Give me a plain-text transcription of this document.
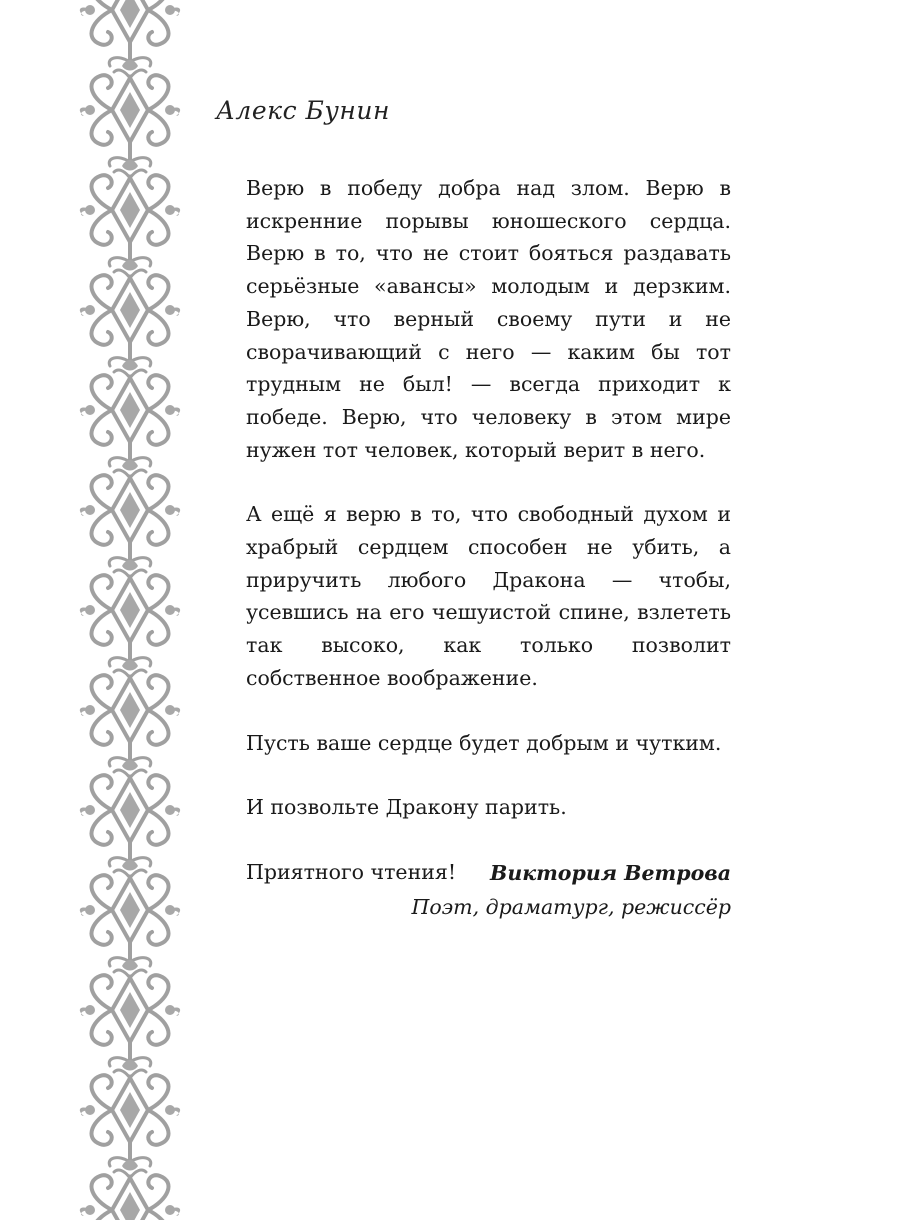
Алекс Бунин

Верю в победу добра над злом. Верю в искренние порывы юношеского сердца. Верю в то, что не стоит бояться раздавать серьёзные «авансы» молодым и дерзким. Верю, что верный своему пути и не сворачивающий с него — каким бы тот трудным не был! — всегда приходит к победе. Верю, что человеку в этом мире нужен тот человек, который верит в него.

А ещё я верю в то, что свободный духом и храбрый сердцем способен не убить, а приручить любого Дракона — чтобы, усевшись на его чешуистой спине, взлететь так высоко, как только позволит собственное воображение.

Пусть ваше сердце будет добрым и чутким.

И позвольте Дракону парить.

Приятного чтения!	Виктория Ветрова
Поэт, драматург, режиссёр
